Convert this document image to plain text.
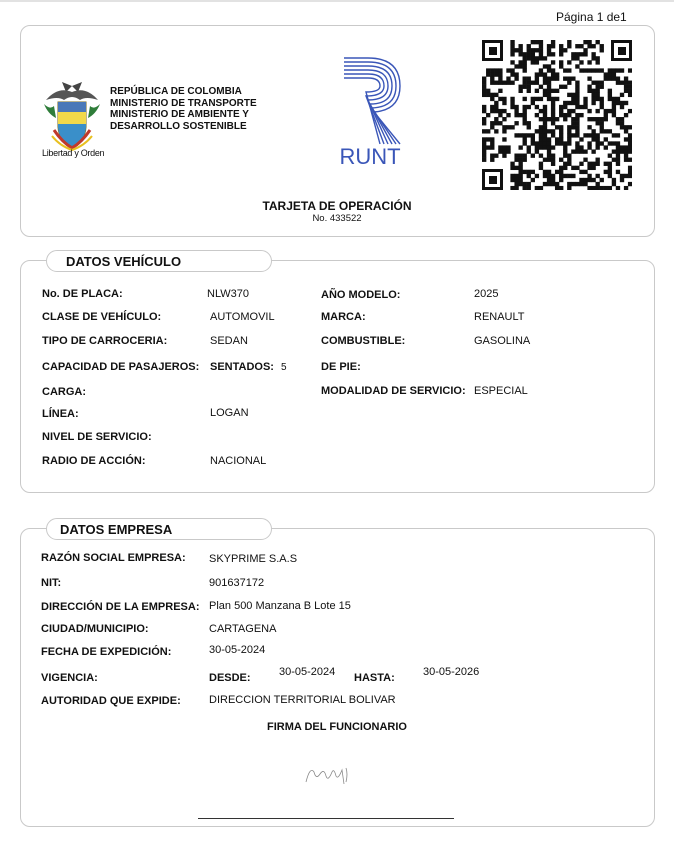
Página 1 de1
Libertad y Orden
REPÚBLICA DE COLOMBIA
MINISTERIO DE TRANSPORTE
MINISTERIO DE AMBIENTE Y
DESARROLLO SOSTENIBLE
RUNT
TARJETA DE OPERACIÓN
No. 433522
DATOS VEHÍCULO
No. DE PLACA:	NLW370
CLASE DE VEHÍCULO:	AUTOMOVIL
TIPO DE CARROCERIA:	SEDAN
CAPACIDAD DE PASAJEROS: SENTADOS: 5
CARGA:
LÍNEA:	LOGAN
NIVEL DE SERVICIO:
RADIO DE ACCIÓN:	NACIONAL
AÑO MODELO:	2025
MARCA:	RENAULT
COMBUSTIBLE:	GASOLINA
DE PIE:
MODALIDAD DE SERVICIO: ESPECIAL
DATOS EMPRESA
RAZÓN SOCIAL EMPRESA: SKYPRIME S.A.S
NIT:	901637172
DIRECCIÓN DE LA EMPRESA: Plan 500 Manzana B Lote 15
CIUDAD/MUNICIPIO:	CARTAGENA
FECHA DE EXPEDICIÓN:	30-05-2024
VIGENCIA:	DESDE:	30-05-2024 HASTA:	30-05-2026
AUTORIDAD QUE EXPIDE:	DIRECCION TERRITORIAL BOLIVAR
FIRMA DEL FUNCIONARIO
